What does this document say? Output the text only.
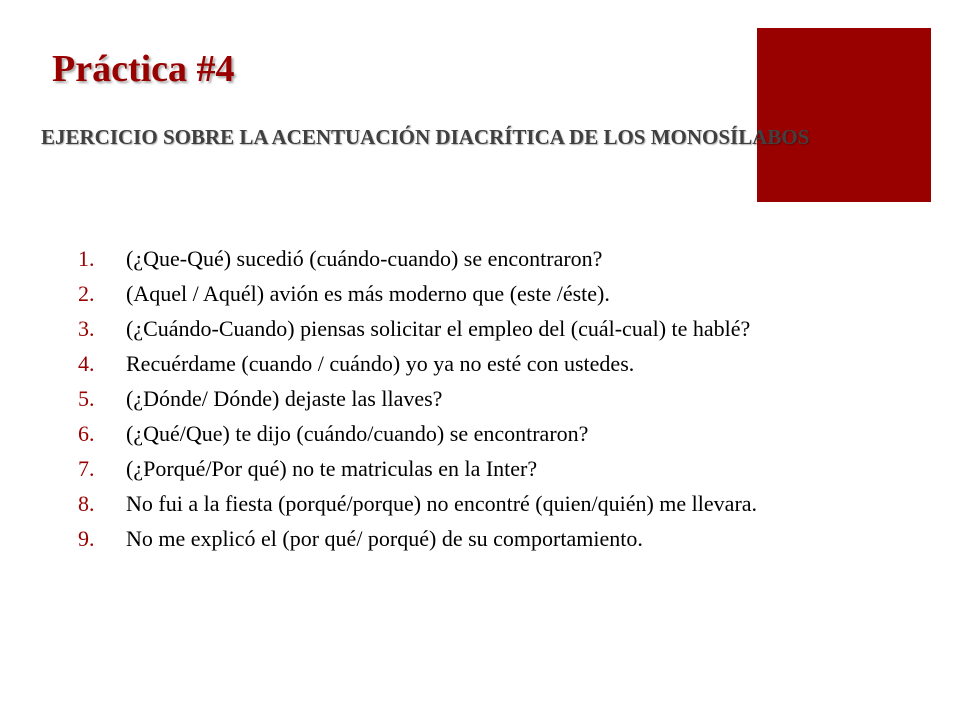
Práctica #4
EJERCICIO SOBRE LA ACENTUACIÓN DIACRÍTICA DE LOS MONOSÍLABOS
1. (¿Que-Qué) sucedió (cuándo-cuando) se encontraron?
2. (Aquel / Aquél) avión es más moderno que (este /éste).
3. (¿Cuándo-Cuando) piensas solicitar el empleo del (cuál-cual) te hablé?
4. Recuérdame (cuando / cuándo) yo ya no esté con ustedes.
5. (¿Dónde/ Dónde) dejaste las llaves?
6. (¿Qué/Que) te dijo (cuándo/cuando) se encontraron?
7. (¿Porqué/Por qué) no te matriculas en la Inter?
8. No fui a la fiesta (porqué/porque) no encontré (quien/quién) me llevara.
9. No me explicó el (por qué/ porqué) de su comportamiento.
